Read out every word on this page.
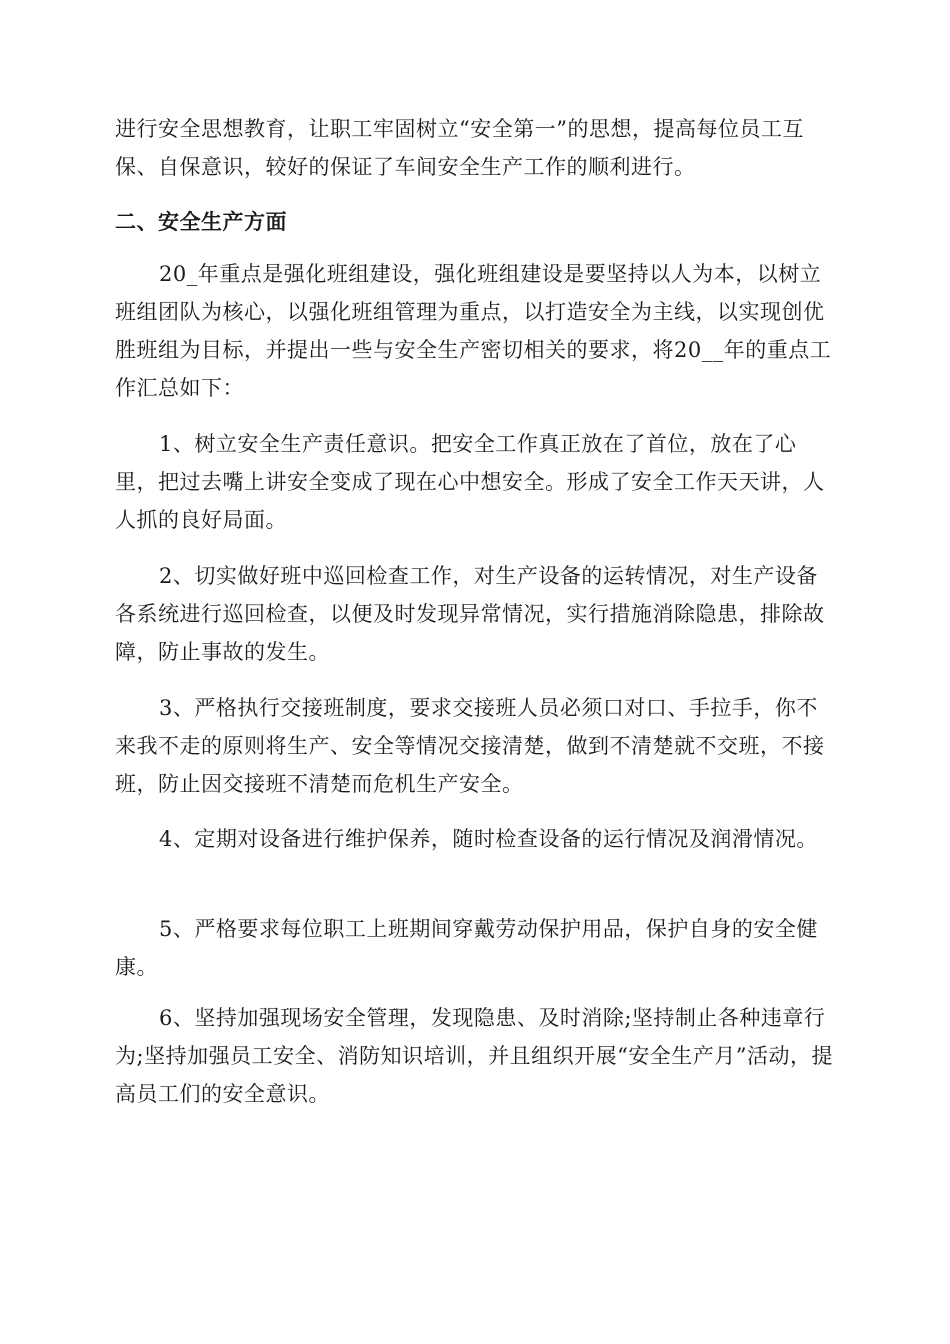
进行安全思想教育，让职工牢固树立“安全第一”的思想，提高每位员工互保、自保意识，较好的保证了车间安全生产工作的顺利进行。

二、安全生产方面

20_年重点是强化班组建设，强化班组建设是要坚持以人为本，以树立班组团队为核心，以强化班组管理为重点，以打造安全为主线，以实现创优胜班组为目标，并提出一些与安全生产密切相关的要求，将20__年的重点工作汇总如下：

1、树立安全生产责任意识。把安全工作真正放在了首位，放在了心里，把过去嘴上讲安全变成了现在心中想安全。形成了安全工作天天讲，人人抓的良好局面。

2、切实做好班中巡回检查工作，对生产设备的运转情况，对生产设备各系统进行巡回检查，以便及时发现异常情况，实行措施消除隐患，排除故障，防止事故的发生。

3、严格执行交接班制度，要求交接班人员必须口对口、手拉手，你不来我不走的原则将生产、安全等情况交接清楚，做到不清楚就不交班，不接班，防止因交接班不清楚而危机生产安全。

4、定期对设备进行维护保养，随时检查设备的运行情况及润滑情况。

5、严格要求每位职工上班期间穿戴劳动保护用品，保护自身的安全健康。

6、坚持加强现场安全管理，发现隐患、及时消除;坚持制止各种违章行为;坚持加强员工安全、消防知识培训，并且组织开展“安全生产月”活动，提高员工们的安全意识。
